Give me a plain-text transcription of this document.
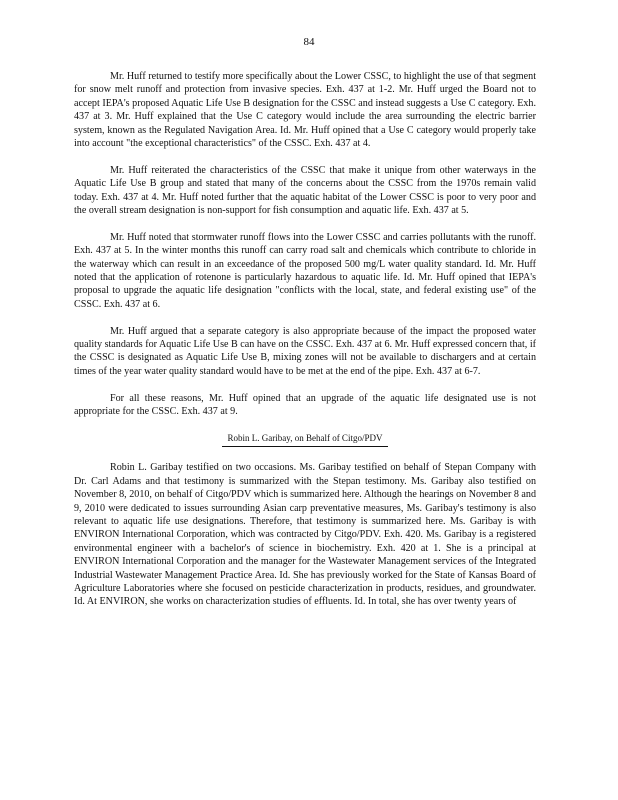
84

Mr. Huff returned to testify more specifically about the Lower CSSC, to highlight the use of that segment for snow melt runoff and protection from invasive species. Exh. 437 at 1-2. Mr. Huff urged the Board not to accept IEPA's proposed Aquatic Life Use B designation for the CSSC and instead suggests a Use C category. Exh. 437 at 3. Mr. Huff explained that the Use C category would include the area surrounding the electric barrier system, known as the Regulated Navigation Area. Id. Mr. Huff opined that a Use C category would properly take into account "the exceptional characteristics" of the CSSC. Exh. 437 at 4.

Mr. Huff reiterated the characteristics of the CSSC that make it unique from other waterways in the Aquatic Life Use B group and stated that many of the concerns about the CSSC from the 1970s remain valid today. Exh. 437 at 4. Mr. Huff noted further that the aquatic habitat of the Lower CSSC is poor to very poor and the overall stream designation is non-support for fish consumption and aquatic life. Exh. 437 at 5.

Mr. Huff noted that stormwater runoff flows into the Lower CSSC and carries pollutants with the runoff. Exh. 437 at 5. In the winter months this runoff can carry road salt and chemicals which contribute to chloride in the waterway which can result in an exceedance of the proposed 500 mg/L water quality standard. Id. Mr. Huff noted that the application of rotenone is particularly hazardous to aquatic life. Id. Mr. Huff opined that IEPA's proposal to upgrade the aquatic life designation "conflicts with the local, state, and federal existing use" of the CSSC. Exh. 437 at 6.

Mr. Huff argued that a separate category is also appropriate because of the impact the proposed water quality standards for Aquatic Life Use B can have on the CSSC. Exh. 437 at 6. Mr. Huff expressed concern that, if the CSSC is designated as Aquatic Life Use B, mixing zones will not be available to dischargers and at certain times of the year water quality standard would have to be met at the end of the pipe. Exh. 437 at 6-7.

For all these reasons, Mr. Huff opined that an upgrade of the aquatic life designated use is not appropriate for the CSSC. Exh. 437 at 9.

Robin L. Garibay, on Behalf of Citgo/PDV

Robin L. Garibay testified on two occasions. Ms. Garibay testified on behalf of Stepan Company with Dr. Carl Adams and that testimony is summarized with the Stepan testimony. Ms. Garibay also testified on November 8, 2010, on behalf of Citgo/PDV which is summarized here. Although the hearings on November 8 and 9, 2010 were dedicated to issues surrounding Asian carp preventative measures, Ms. Garibay's testimony is also relevant to aquatic life use designations. Therefore, that testimony is summarized here. Ms. Garibay is with ENVIRON International Corporation, which was contracted by Citgo/PDV. Exh. 420. Ms. Garibay is a registered environmental engineer with a bachelor's of science in biochemistry. Exh. 420 at 1. She is a principal at ENVIRON International Corporation and the manager for the Wastewater Management services of the Integrated Industrial Wastewater Management Practice Area. Id. She has previously worked for the State of Kansas Board of Agriculture Laboratories where she focused on pesticide characterization in products, residues, and groundwater. Id. At ENVIRON, she works on characterization studies of effluents. Id. In total, she has over twenty years of
